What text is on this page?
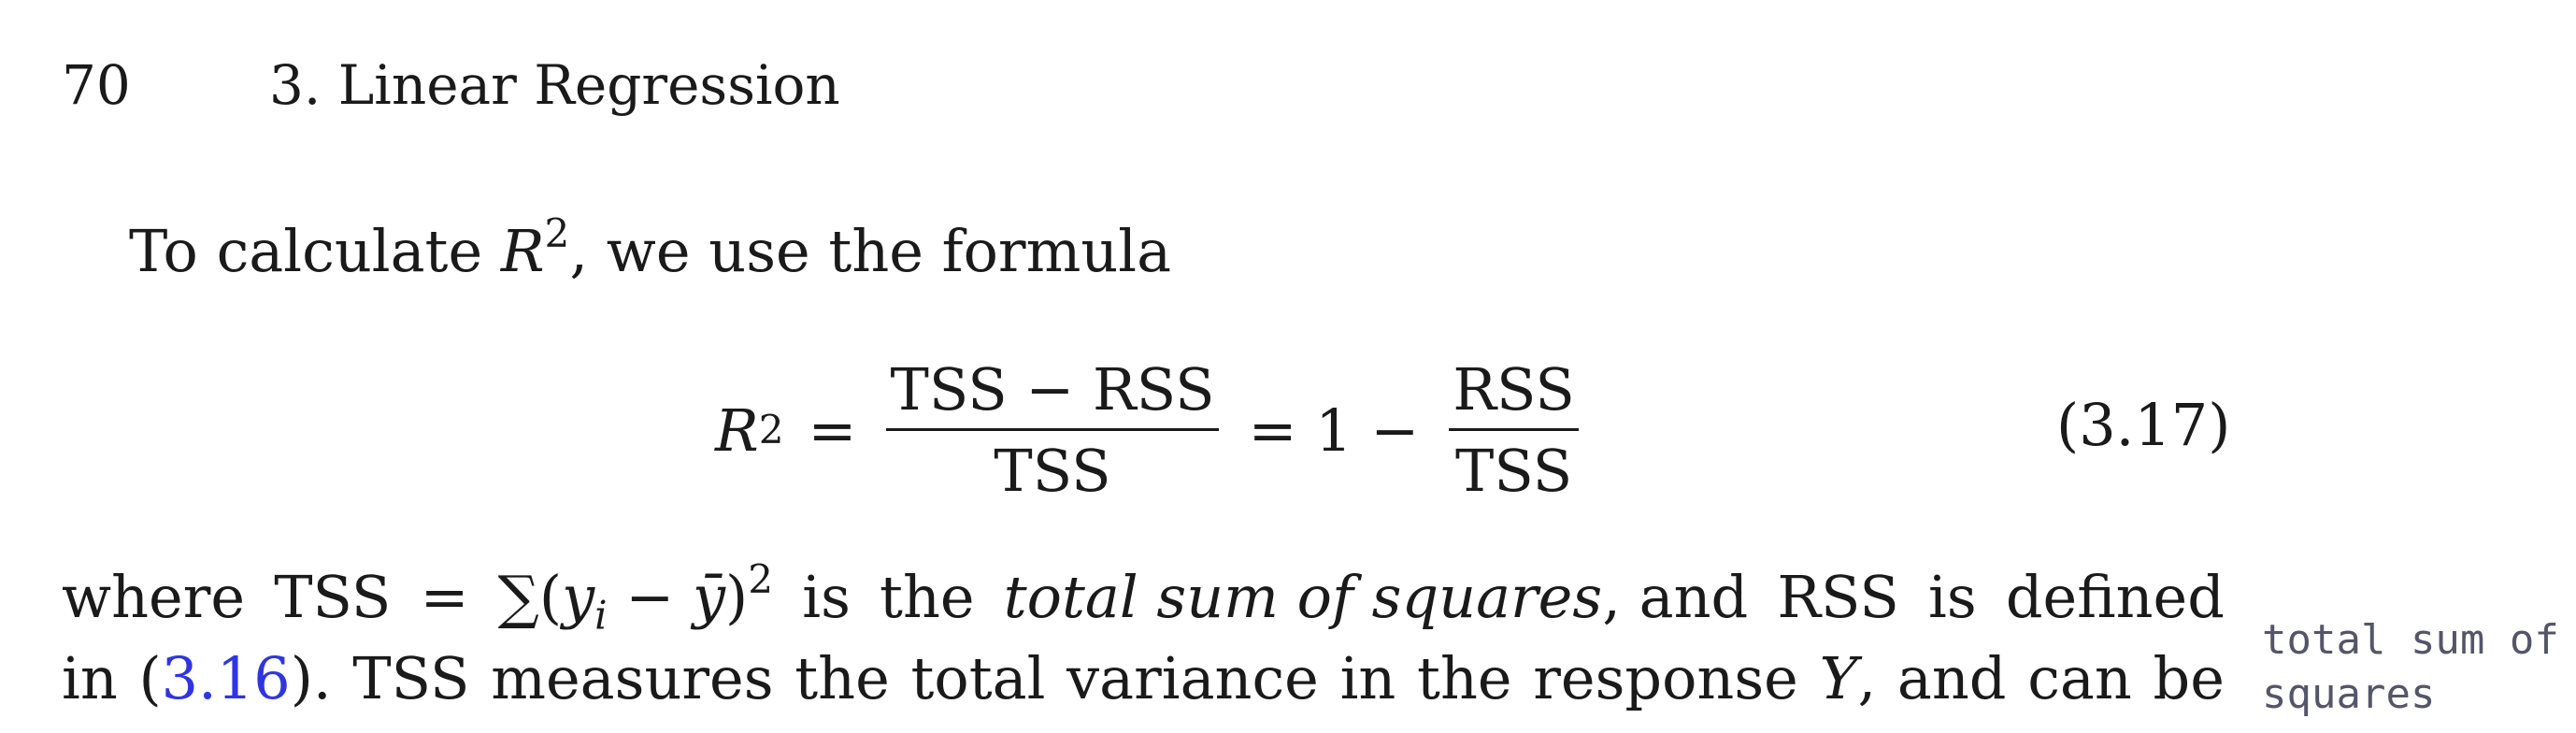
70	3. Linear Regression
To calculate $R^2$, we use the formula
R $2 = \frac{\text{TSS − RSS}}{\text{TSS}} = 1 - \frac{\text{RSS}}{\text{TSS}}$	(3.17)
where TSS = $\sum(y_i$ − ȳ)$^2$ is the total sum of squares, and RSS is defined
in (3.16). TSS measures the total variance in the response Y, and can be
total sum of
squares
